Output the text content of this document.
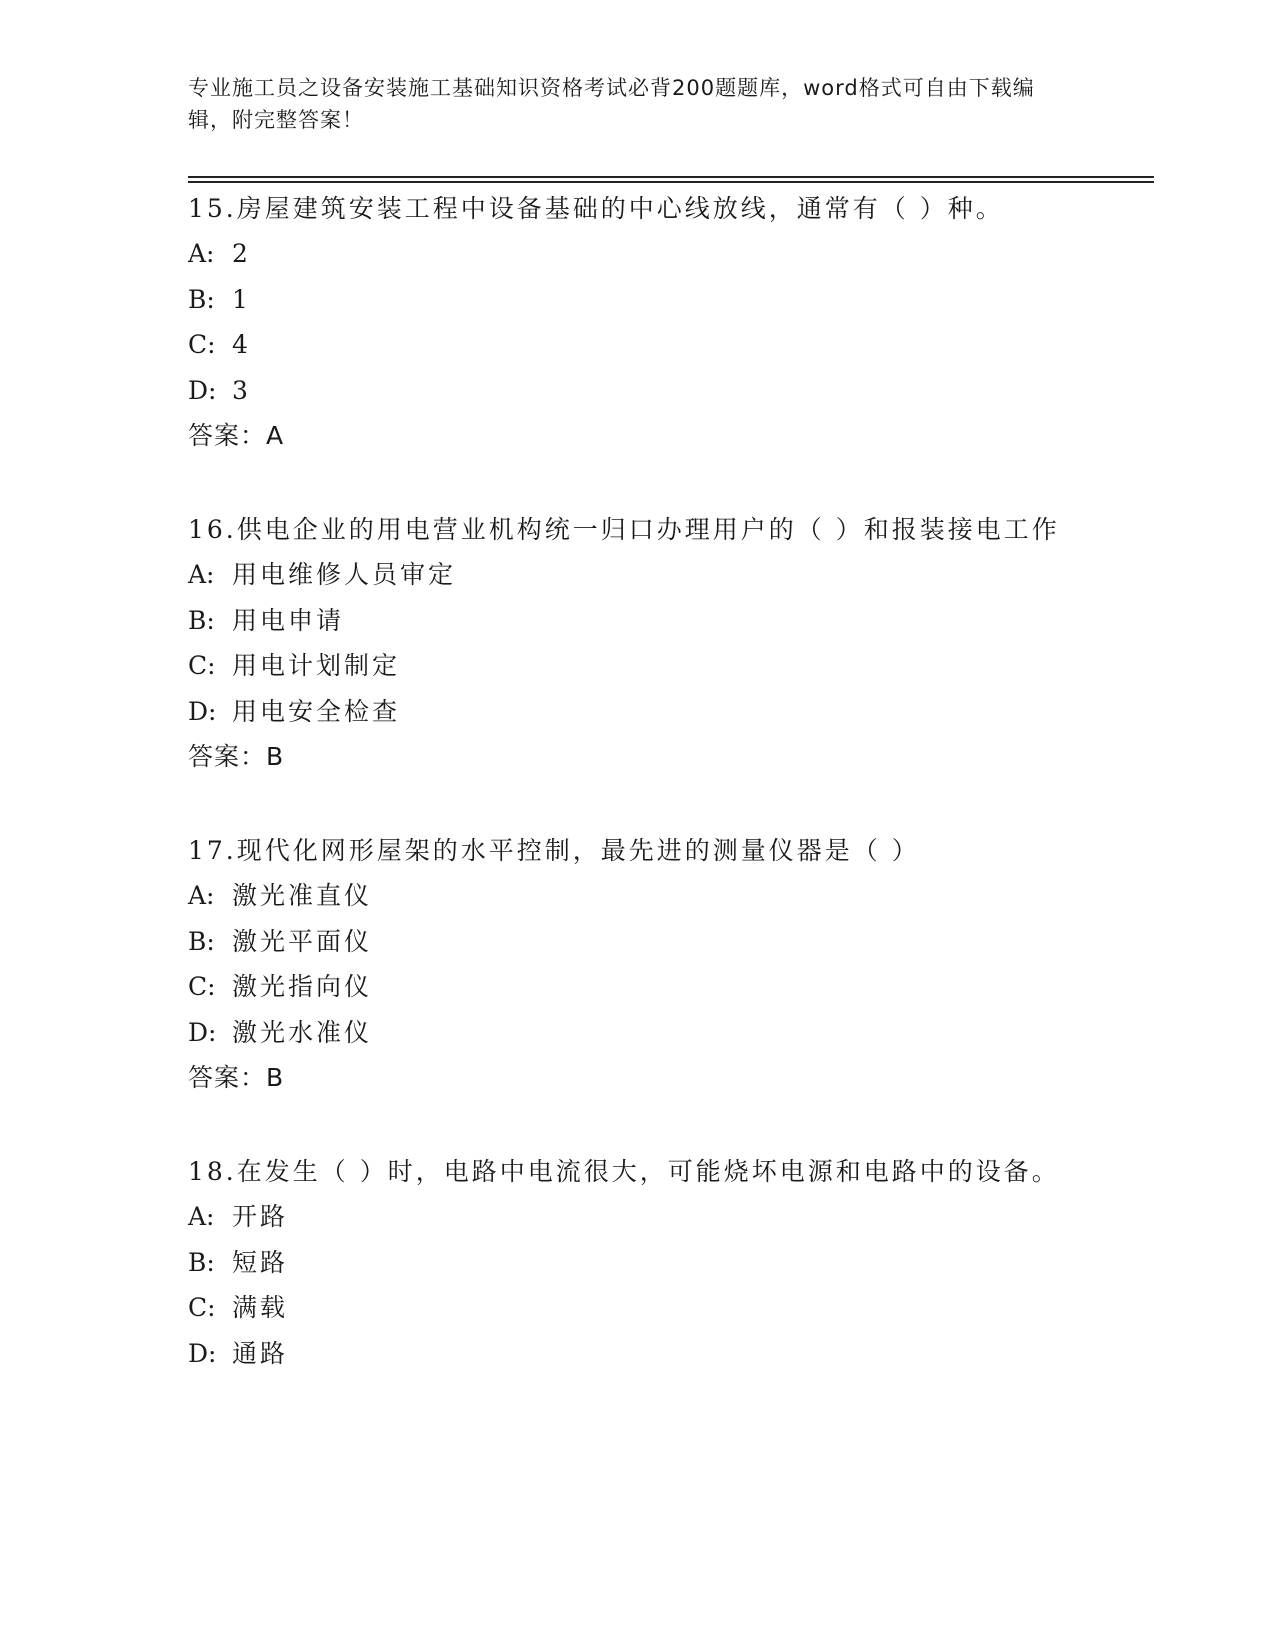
专业施工员之设备安装施工基础知识资格考试必背200题题库，word格式可自由下载编辑，附完整答案！
15.房屋建筑安装工程中设备基础的中心线放线，通常有（ ）种。
A: 2
B: 1
C: 4
D: 3
答案：A
16.供电企业的用电营业机构统一归口办理用户的（ ）和报装接电工作
A: 用电维修人员审定
B: 用电申请
C: 用电计划制定
D: 用电安全检查
答案：B
17.现代化网形屋架的水平控制，最先进的测量仪器是（ ）
A: 激光准直仪
B: 激光平面仪
C: 激光指向仪
D: 激光水准仪
答案：B
18.在发生（ ）时，电路中电流很大，可能烧坏电源和电路中的设备。
A: 开路
B: 短路
C: 满载
D: 通路
